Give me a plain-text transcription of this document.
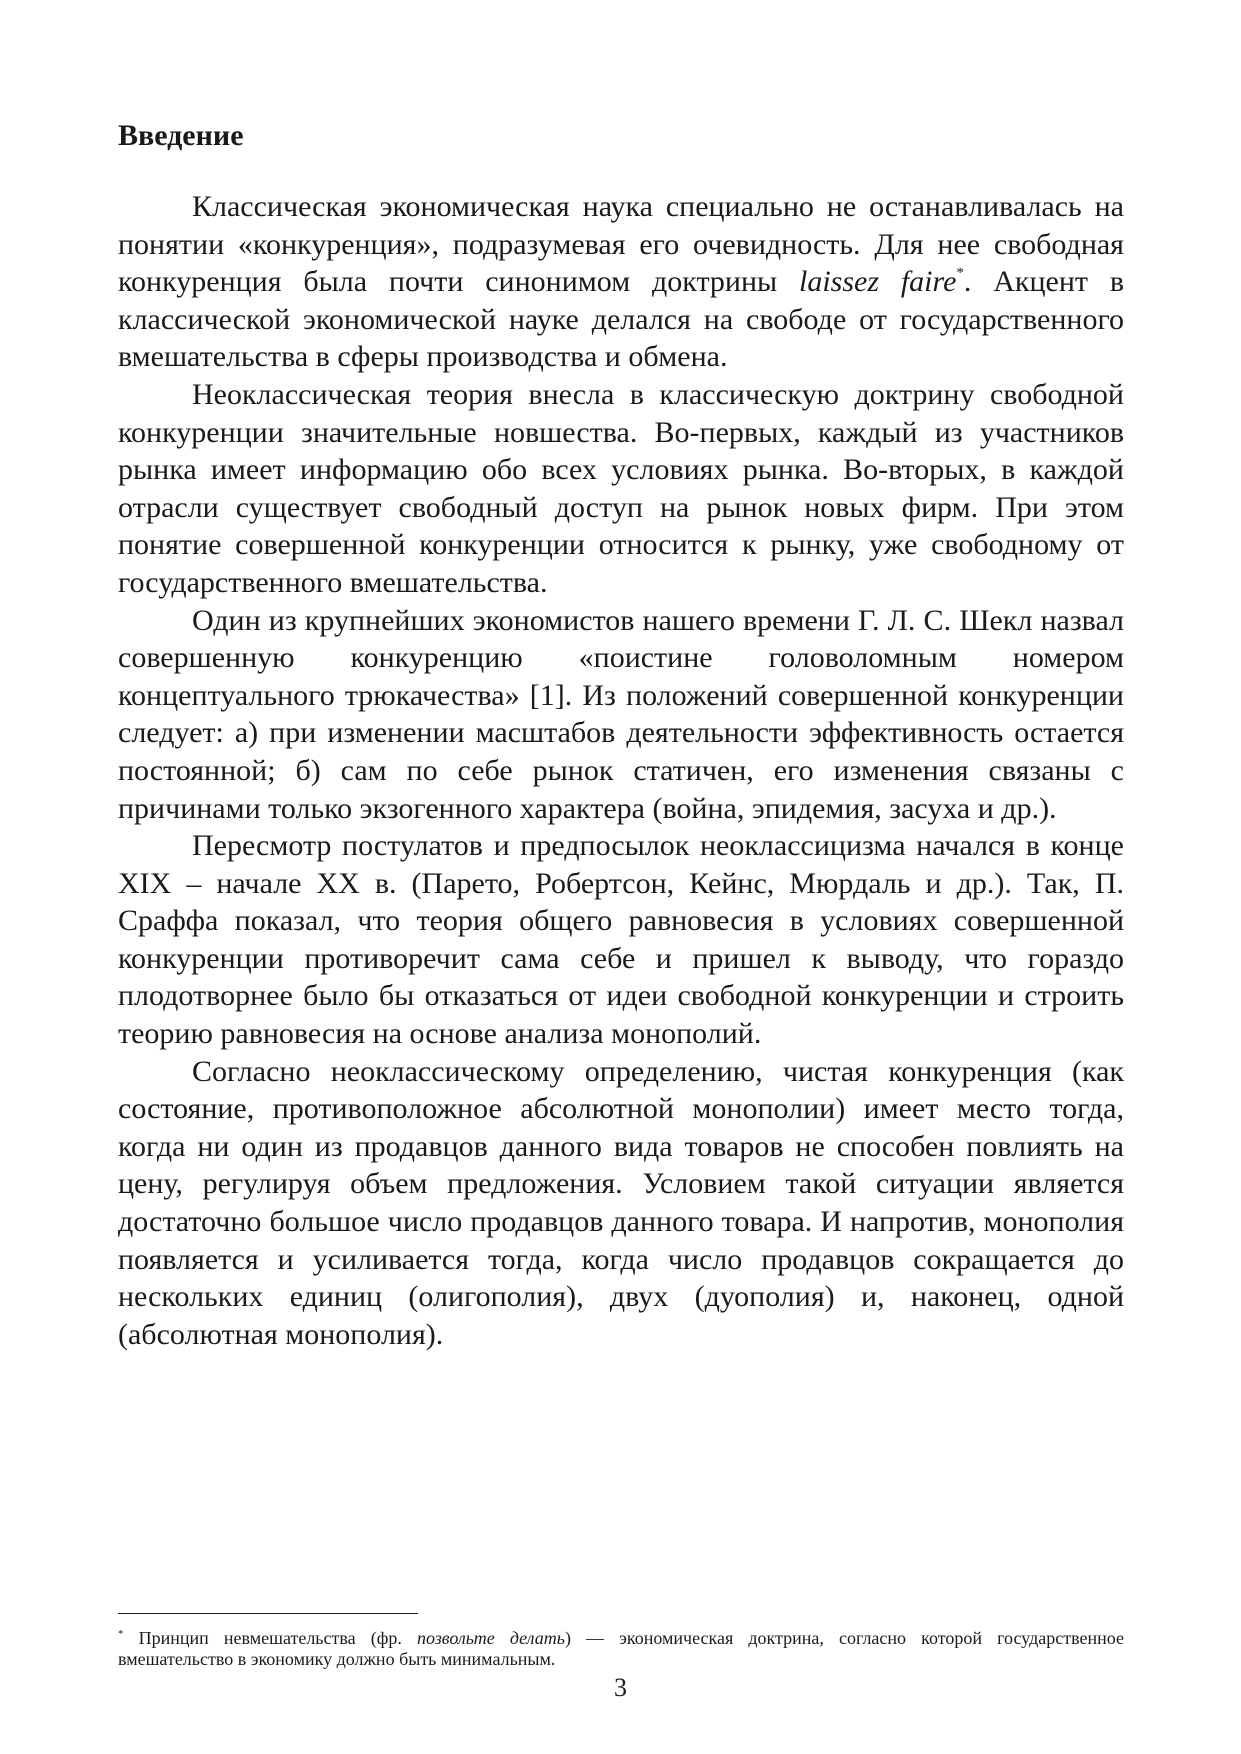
Введение

Классическая экономическая наука специально не останавливалась на понятии «конкуренция», подразумевая его очевидность. Для нее свободная конкуренция была почти синонимом доктрины laissez faire*. Акцент в классической экономической науке делался на свободе от государственного вмешательства в сферы производства и обмена.

Неоклассическая теория внесла в классическую доктрину свободной конкуренции значительные новшества. Во-первых, каждый из участников рынка имеет информацию обо всех условиях рынка. Во-вторых, в каждой отрасли существует свободный доступ на рынок новых фирм. При этом понятие совершенной конкуренции относится к рынку, уже свободному от государственного вмешательства.

Один из крупнейших экономистов нашего времени Г. Л. С. Шекл назвал совершенную конкуренцию «поистине головоломным номером концептуального трюкачества» [1]. Из положений совершенной конкуренции следует: а) при изменении масштабов деятельности эффективность остается постоянной; б) сам по себе рынок статичен, его изменения связаны с причинами только экзогенного характера (война, эпидемия, засуха и др.).

Пересмотр постулатов и предпосылок неоклассицизма начался в конце XIX – начале XX в. (Парето, Робертсон, Кейнс, Мюрдаль и др.). Так, П. Сраффа показал, что теория общего равновесия в условиях совершенной конкуренции противоречит сама себе и пришел к выводу, что гораздо плодотворнее было бы отказаться от идеи свободной конкуренции и строить теорию равновесия на основе анализа монополий.

Согласно неоклассическому определению, чистая конкуренция (как состояние, противоположное абсолютной монополии) имеет место тогда, когда ни один из продавцов данного вида товаров не способен повлиять на цену, регулируя объем предложения. Условием такой ситуации является достаточно большое число продавцов данного товара. И напротив, монополия появляется и усиливается тогда, когда число продавцов сокращается до нескольких единиц (олигополия), двух (дуополия) и, наконец, одной (абсолютная монополия).

* Принцип невмешательства (фр. позвольте делать) — экономическая доктрина, согласно которой государственное вмешательство в экономику должно быть минимальным.
3
